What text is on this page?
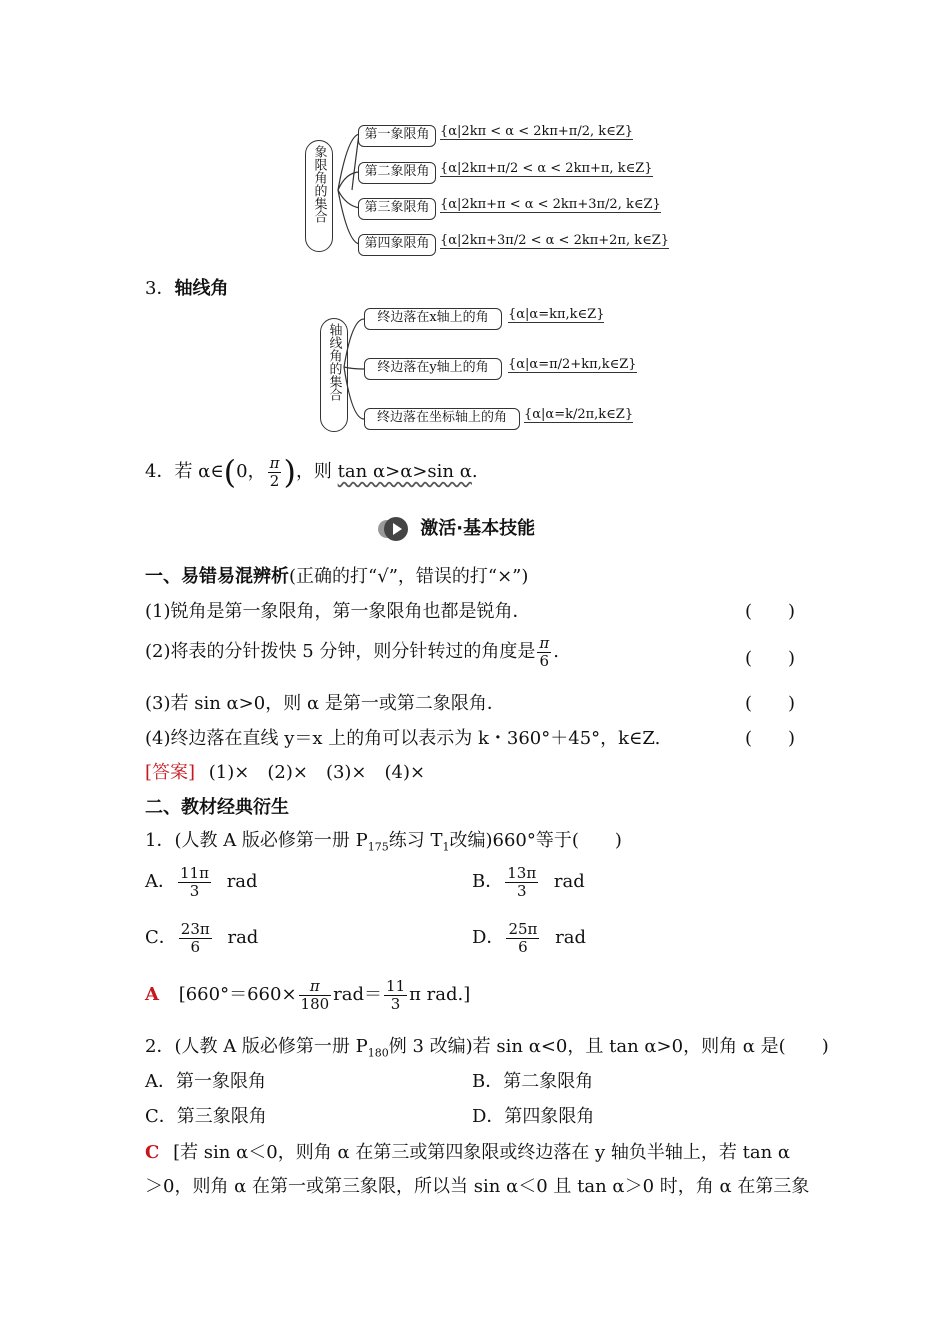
象限角的集合
第一象限角 {α|2kπ < α < 2kπ+π/2, k∈Z}
第二象限角 {α|2kπ+π/2 < α < 2kπ+π, k∈Z}
第三象限角 {α|2kπ+π < α < 2kπ+3π/2, k∈Z}
第四象限角 {α|2kπ+3π/2 < α < 2kπ+2π, k∈Z}
3．轴线角
轴线角的集合
终边落在x轴上的角	{α|α=kπ,k∈Z}
终边落在y轴上的角	{α|α=π/2+kπ,k∈Z}
终边落在坐标轴上的角	{α|α=k/2π,k∈Z}
4．若 α∈(0， $\frac{\pi}{2}$ )，则 tan α>α>sin α.
激活·基本技能
一、易错易混辨析(正确的打“√”，错误的打“×”)
(1)锐角是第一象限角，第一象限角也都是锐角．	(　　)
(2)将表的分针拨快 5 分钟，则分针转过的角度是 $\frac{\pi}{6}$ .	(　　)
(3)若 sin α>0，则 α 是第一或第二象限角．	(　　)
(4)终边落在直线 y＝x 上的角可以表示为 k・360°＋45°，k∈Z.	(　　)
[答案] (1)×　(2)×　(3)×　(4)×
二、教材经典衍生
1．(人教 A 版必修第一册 $P_{175}$练习 $T_1$改编)660°等于(　　)
A． $\frac{11\pi}{3}$ rad	B． $\frac{13\pi}{3}$ rad
C． $\frac{23\pi}{6}$ rad	D． $\frac{25\pi}{6}$ rad
A [$660^\circ=660\times \frac{\pi}{180} rad= \frac{11}{3}$ π rad.]
2．(人教 A 版必修第一册 $P_{180}$例 3 改编)若 sin α<0，且 tan α>0，则角 α 是(　　)
A．第一象限角	B．第二象限角
C．第三象限角	D．第四象限角
C [若 sin α＜0，则角 α 在第三或第四象限或终边落在 y 轴负半轴上，若 tan α
＞0，则角 α 在第一或第三象限，所以当 sin α＜0 且 tan α＞0 时，角 α 在第三象
